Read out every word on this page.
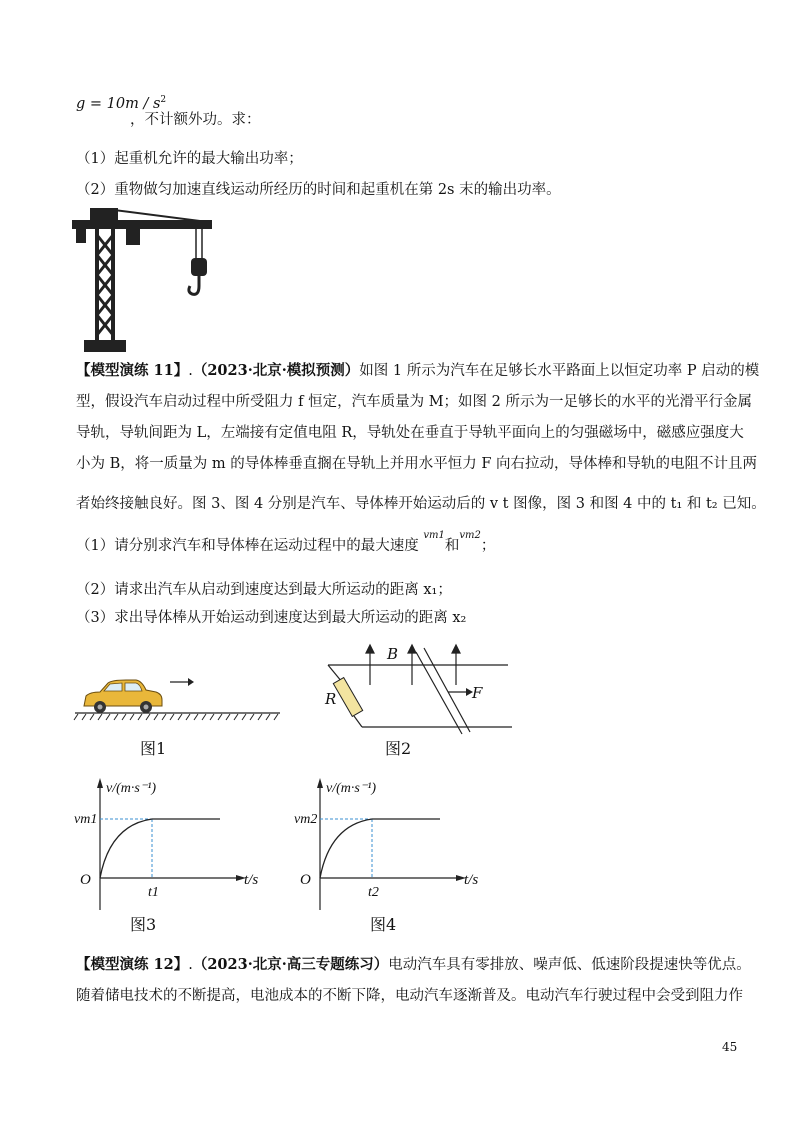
$g = 10m / s^2$
，不计额外功。求：
（1）起重机允许的最大输出功率；
（2）重物做匀加速直线运动所经历的时间和起重机在第 2s 末的输出功率。
【模型演练 11】.（2023·北京·模拟预测）如图 1 所示为汽车在足够长水平路面上以恒定功率 P 启动的模
型，假设汽车启动过程中所受阻力 f 恒定，汽车质量为 M；如图 2 所示为一足够长的水平的光滑平行金属
导轨，导轨间距为 L，左端接有定值电阻 R，导轨处在垂直于导轨平面向上的匀强磁场中，磁感应强度大
小为 B，将一质量为 m 的导体棒垂直搁在导轨上并用水平恒力 F 向右拉动，导体棒和导轨的电阻不计且两
者始终接触良好。图 3、图 4 分别是汽车、导体棒开始运动后的 v t 图像，图 3 和图 4 中的 t₁ 和 t₂ 已知。
（1）请分别求汽车和导体棒在运动过程中的最大速度 $^{vm1}$和$^{vm2}$；
（2）请求出汽车从启动到速度达到最大所运动的距离 x₁；
（3）求出导体棒从开始运动到速度达到最大所运动的距离 x₂
图1
B
R	F
图2
v/(m·s⁻¹)
vm1
O
t1
t/s
图3
v/(m·s⁻¹)
vm2
O
t2
t/s
图4
【模型演练 12】.（2023·北京·高三专题练习）电动汽车具有零排放、噪声低、低速阶段提速快等优点。
随着储电技术的不断提高，电池成本的不断下降，电动汽车逐渐普及。电动汽车行驶过程中会受到阻力作
45
